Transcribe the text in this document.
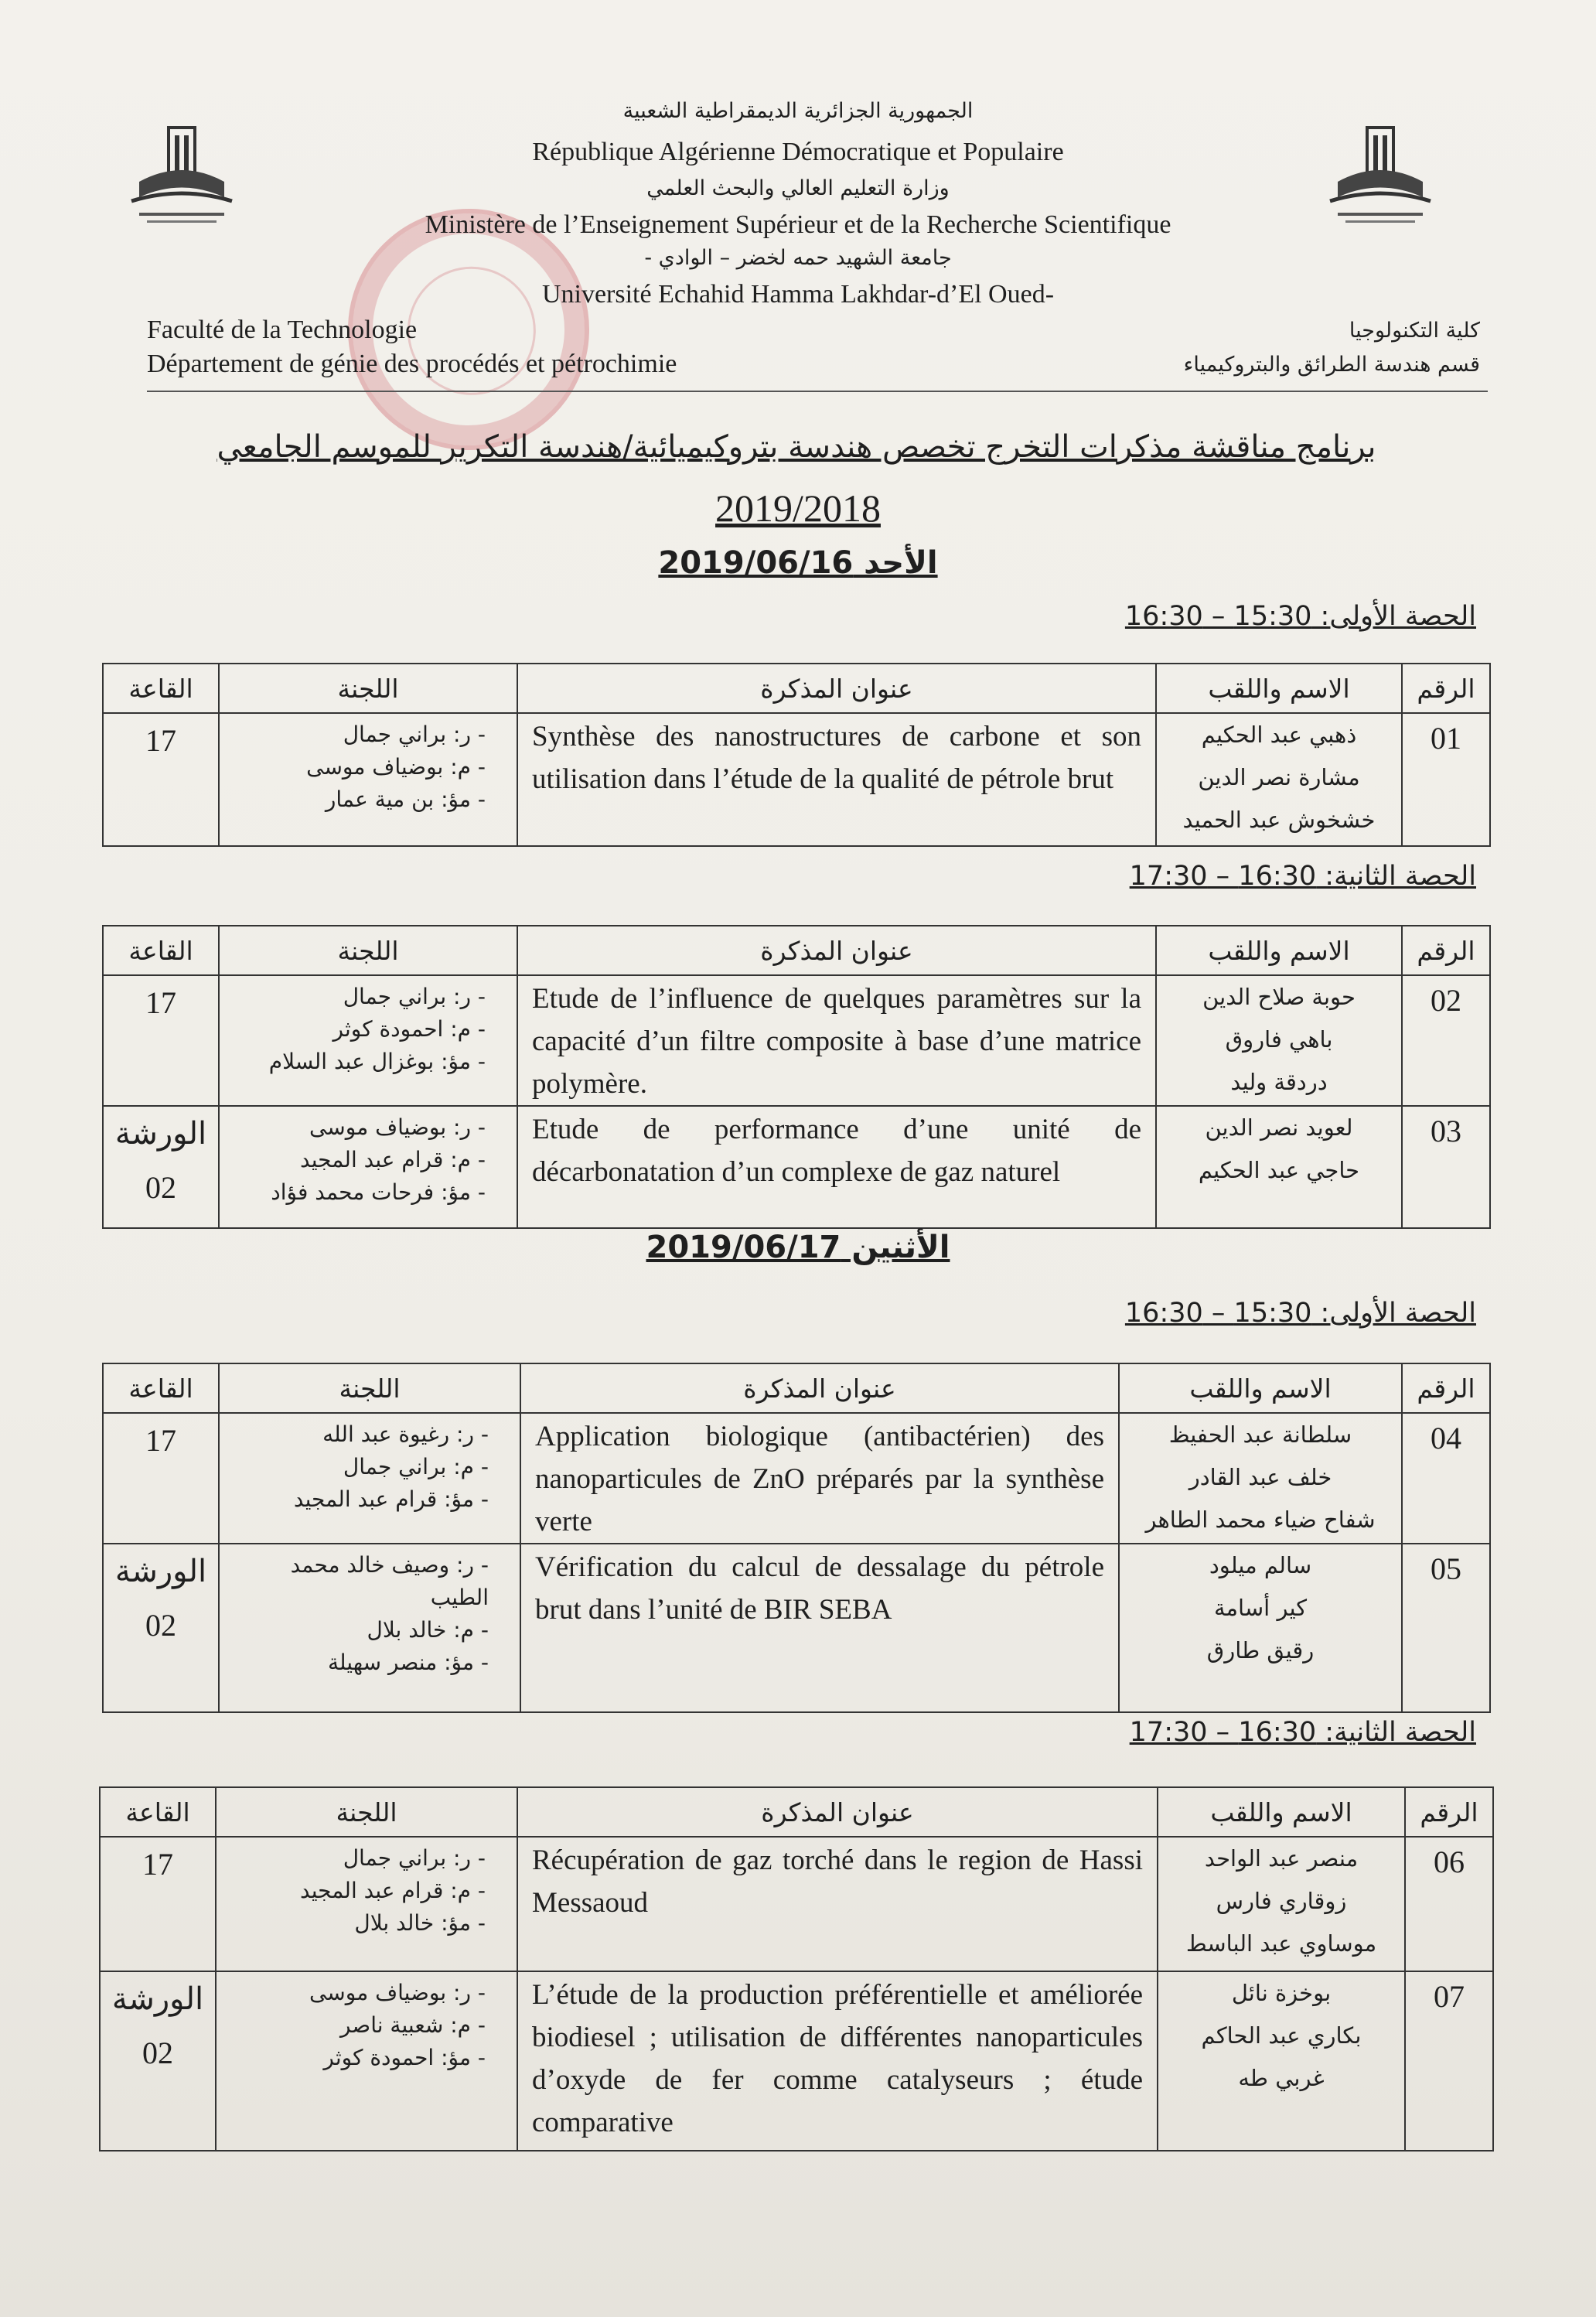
الجمهورية الجزائرية الديمقراطية الشعبية
République Algérienne Démocratique et Populaire
وزارة التعليم العالي والبحث العلمي
Ministère de l’Enseignement Supérieur et de la Recherche Scientifique
جامعة الشهيد حمه لخضر – الوادي -
Université Echahid Hamma Lakhdar-d’El Oued-
Faculté de la Technologie
Département de génie des procédés et pétrochimie
كلية التكنولوجيا
قسم هندسة الطرائق والبتروكيمياء
برنامج مناقشة مذكرات التخرج تخصص هندسة بتروكيميائية/هندسة التكرير للموسم الجامعي
2019/2018
الأحد 2019/06/16
الحصة الأولى: 15:30 – 16:30
الرقم	الاسم واللقب	عنوان المذكرة	اللجنة	القاعة
01	ذهبي عبد الحكيم
مشارة نصر الدين
خشخوش عبد الحميد	Synthèse des nanostructures de carbone et son utilisation dans l’étude de la qualité de pétrole brut	- ر: براني جمال
- م: بوضياف موسى
- مؤ: بن مية عمار	17
الحصة الثانية: 16:30 – 17:30
الرقم	الاسم واللقب	عنوان المذكرة	اللجنة	القاعة
02	حوبة صلاح الدين
باهي فاروق
دردقة وليد	Etude de l’influence de quelques paramètres sur la capacité d’un filtre composite à base d’une matrice polymère.	- ر: براني جمال
- م: احمودة كوثر
- مؤ: بوغزال عبد السلام	17

03	لعويد نصر الدين
حاجي عبد الحكيم	Etude de performance d’une unité de décarbonatation d’un complexe de gaz naturel	- ر: بوضياف موسى
- م: قرام عبد المجيد
- مؤ: فرحات محمد فؤاد	الورشة
02
الأثنين 2019/06/17
الحصة الأولى: 15:30 – 16:30
الرقم	الاسم واللقب	عنوان المذكرة	اللجنة	القاعة
04	سلطانة عبد الحفيظ
خلف عبد القادر
شفاح ضياء محمد الطاهر	Application biologique (antibactérien) des nanoparticules de ZnO préparés par la synthèse verte	- ر: رغيوة عبد الله
- م: براني جمال
- مؤ: قرام عبد المجيد	17

05	سالم ميلود
كير أسامة
رقيق طارق	Vérification du calcul de dessalage du pétrole brut dans l’unité de BIR SEBA	- ر: وصيف خالد محمد الطيب
- م: خالد بلال
- مؤ: منصر سهيلة	الورشة
02
الحصة الثانية: 16:30 – 17:30
الرقم	الاسم واللقب	عنوان المذكرة	اللجنة	القاعة
06	منصر عبد الواحد
زوقاري فارس
موساوي عبد الباسط	Récupération de gaz torché dans le region de Hassi Messaoud	- ر: براني جمال
- م: قرام عبد المجيد
- مؤ: خالد بلال	17

07	بوخزة نائل
بكاري عبد الحاكم
غربي طه	L’étude de la production préférentielle et améliorée biodiesel ; utilisation de différentes nanoparticules d’oxyde de fer comme catalyseurs ; étude comparative	- ر: بوضياف موسى
- م: شعبية ناصر
- مؤ: احمودة كوثر	الورشة
02
